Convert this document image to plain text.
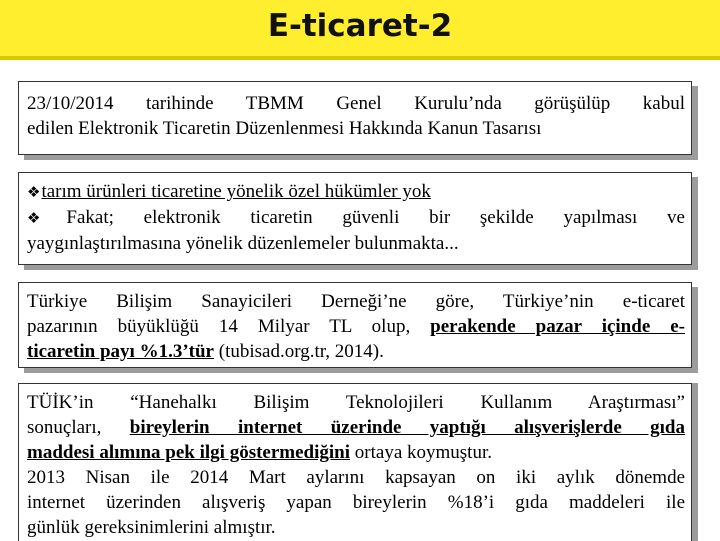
E-ticaret-2
23/10/2014 tarihinde TBMM Genel Kurulu’nda görüşülüp kabul
edilen Elektronik Ticaretin Düzenlenmesi Hakkında Kanun Tasarısı
❖tarım ürünleri ticaretine yönelik özel hükümler yok
❖Fakat; elektronik ticaretin güvenli bir şekilde yapılması ve
yaygınlaştırılmasına yönelik düzenlemeler bulunmakta...
Türkiye Bilişim Sanayicileri Derneği’ne göre, Türkiye’nin e-ticaret
pazarının büyüklüğü 14 Milyar TL olup, perakende pazar içinde e-
ticaretin payı %1.3’tür (tubisad.org.tr, 2014).
TÜİK’in “Hanehalkı Bilişim Teknolojileri Kullanım Araştırması”
sonuçları, bireylerin internet üzerinde yaptığı alışverişlerde gıda
maddesi alımına pek ilgi göstermediğini ortaya koymuştur.
2013 Nisan ile 2014 Mart aylarını kapsayan on iki aylık dönemde
internet üzerinden alışveriş yapan bireylerin %18’i gıda maddeleri ile
günlük gereksinimlerini almıştır.
